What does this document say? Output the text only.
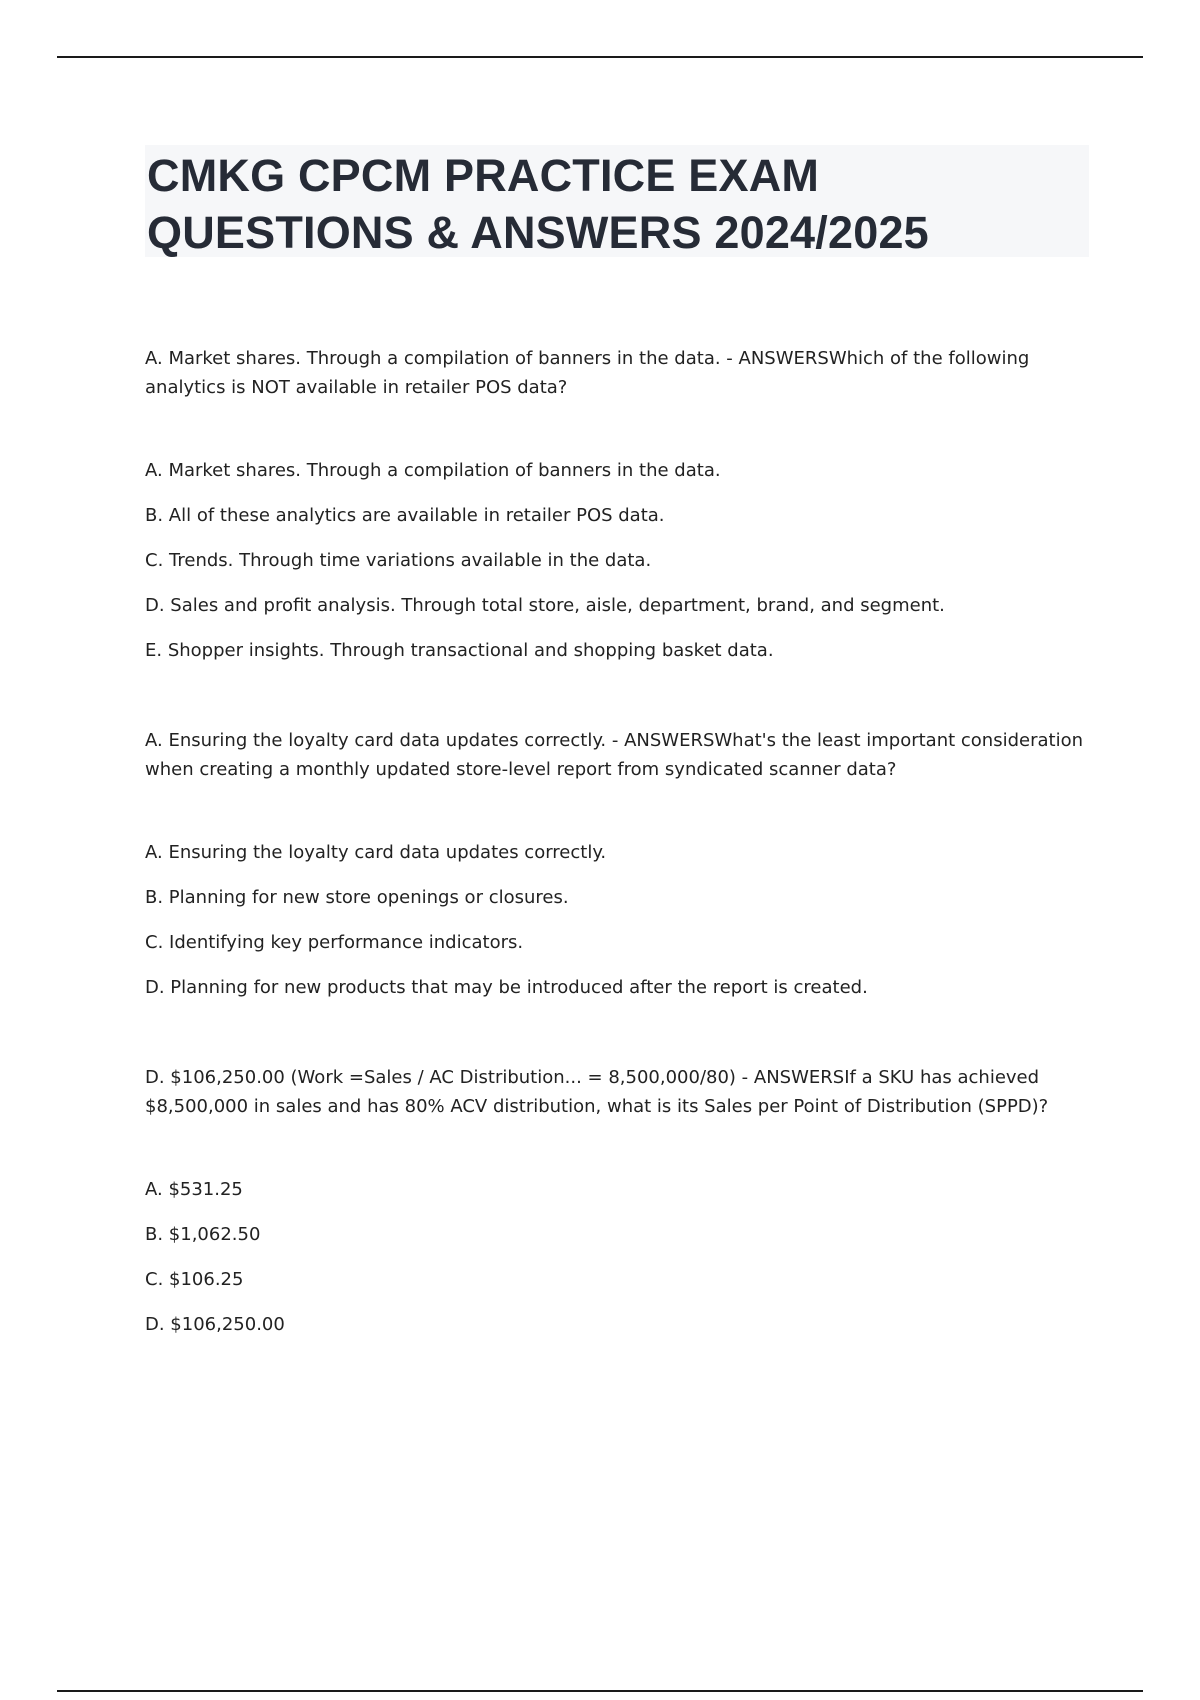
CMKG CPCM PRACTICE EXAM
QUESTIONS & ANSWERS 2024/2025

A. Market shares. Through a compilation of banners in the data. - ANSWERSWhich of the following analytics is NOT available in retailer POS data?

A. Market shares. Through a compilation of banners in the data.
B. All of these analytics are available in retailer POS data.
C. Trends. Through time variations available in the data.
D. Sales and profit analysis. Through total store, aisle, department, brand, and segment.
E. Shopper insights. Through transactional and shopping basket data.

A. Ensuring the loyalty card data updates correctly. - ANSWERSWhat's the least important consideration when creating a monthly updated store-level report from syndicated scanner data?

A. Ensuring the loyalty card data updates correctly.
B. Planning for new store openings or closures.
C. Identifying key performance indicators.
D. Planning for new products that may be introduced after the report is created.

D. $106,250.00 (Work =Sales / AC Distribution... = 8,500,000/80) - ANSWERSIf a SKU has achieved $8,500,000 in sales and has 80% ACV distribution, what is its Sales per Point of Distribution (SPPD)?

A. $531.25
B. $1,062.50
C. $106.25
D. $106,250.00
